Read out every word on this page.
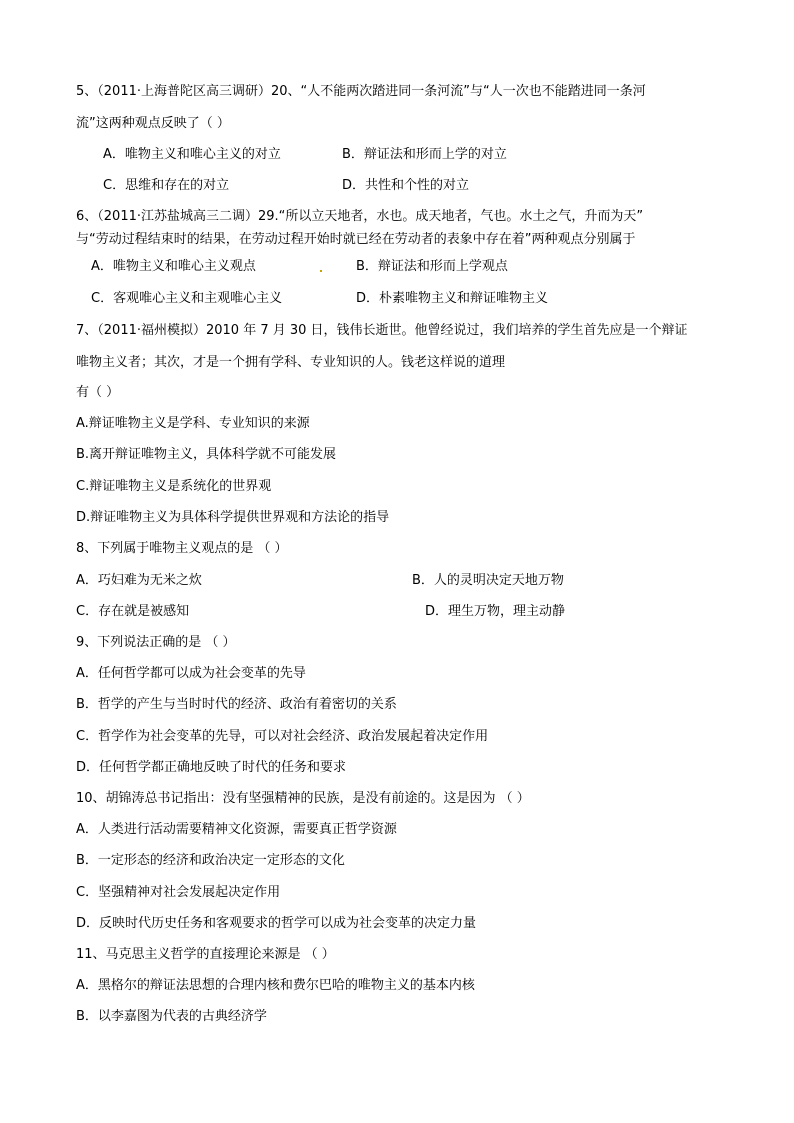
5、（2011·上海普陀区高三调研）20、“人不能两次踏进同一条河流”与“人一次也不能踏进同一条河
流”这两种观点反映了（ ）
A．唯物主义和唯心主义的对立	B．辩证法和形而上学的对立
C．思维和存在的对立	D．共性和个性的对立
6、（2011·江苏盐城高三二调）29.“所以立天地者，水也。成天地者，气也。水土之气，升而为天”
与“劳动过程结束时的结果，在劳动过程开始时就已经在劳动者的表象中存在着”两种观点分别属于
A．唯物主义和唯心主义观点	B．辩证法和形而上学观点
C．客观唯心主义和主观唯心主义	D．朴素唯物主义和辩证唯物主义
7、（2011·福州模拟）2010 年 7 月 30 日，钱伟长逝世。他曾经说过，我们培养的学生首先应是一个辩证
唯物主义者；其次，才是一个拥有学科、专业知识的人。钱老这样说的道理
有（ ）
A.辩证唯物主义是学科、专业知识的来源
B.离开辩证唯物主义，具体科学就不可能发展
C.辩证唯物主义是系统化的世界观
D.辩证唯物主义为具体科学提供世界观和方法论的指导
8、下列属于唯物主义观点的是 （ ）
A．巧妇难为无米之炊	B．人的灵明决定天地万物
C．存在就是被感知	D．理生万物，理主动静
9、下列说法正确的是 （ ）
A．任何哲学都可以成为社会变革的先导
B．哲学的产生与当时时代的经济、政治有着密切的关系
C．哲学作为社会变革的先导，可以对社会经济、政治发展起着决定作用
D．任何哲学都正确地反映了时代的任务和要求
10、胡锦涛总书记指出：没有坚强精神的民族，是没有前途的。这是因为 （ ）
A．人类进行活动需要精神文化资源，需要真正哲学资源
B．一定形态的经济和政治决定一定形态的文化
C．坚强精神对社会发展起决定作用
D．反映时代历史任务和客观要求的哲学可以成为社会变革的决定力量
11、马克思主义哲学的直接理论来源是 （ ）
A．黑格尔的辩证法思想的合理内核和费尔巴哈的唯物主义的基本内核
B．以李嘉图为代表的古典经济学
